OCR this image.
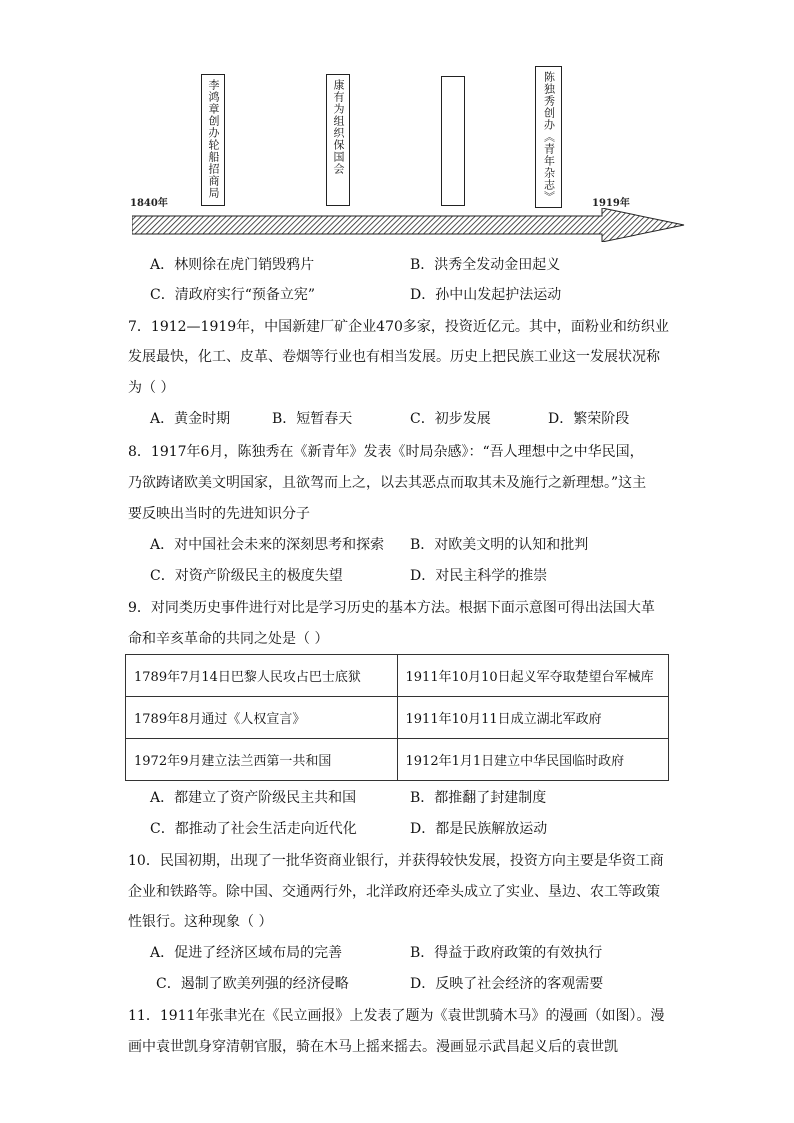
李鸿章创办轮船招商局	康有为组织保国会	陈独秀创办《青年杂志》
1840年	1919年
A．林则徐在虎门销毁鸦片	B．洪秀全发动金田起义
C．清政府实行“预备立宪”	D．孙中山发起护法运动
7．1912—1919年，中国新建厂矿企业470多家，投资近亿元。其中，面粉业和纺织业
发展最快，化工、皮革、卷烟等行业也有相当发展。历史上把民族工业这一发展状况称
为（ ）
A．黄金时期	B．短暂春天	C．初步发展	D．繁荣阶段
8．1917年6月，陈独秀在《新青年》发表《时局杂感》：“吾人理想中之中华民国，
乃欲踌诸欧美文明国家，且欲驾而上之，以去其恶点而取其未及施行之新理想。”这主
要反映出当时的先进知识分子
A．对中国社会未来的深刻思考和探索 B．对欧美文明的认知和批判
C．对资产阶级民主的极度失望	D．对民主科学的推崇
9．对同类历史事件进行对比是学习历史的基本方法。根据下面示意图可得出法国大革
命和辛亥革命的共同之处是（ ）
1789年7月14日巴黎人民攻占巴士底狱	1911年10月10日起义军夺取楚望台军械库
1789年8月通过《人权宣言》	1911年10月11日成立湖北军政府
1972年9月建立法兰西第一共和国	1912年1月1日建立中华民国临时政府
A．都建立了资产阶级民主共和国	B．都推翻了封建制度
C．都推动了社会生活走向近代化	D．都是民族解放运动
10．民国初期，出现了一批华资商业银行，并获得较快发展，投资方向主要是华资工商
企业和铁路等。除中国、交通两行外，北洋政府还牵头成立了实业、垦边、农工等政策
性银行。这种现象（ ）
A．促进了经济区域布局的完善	B．得益于政府政策的有效执行
C．遏制了欧美列强的经济侵略	D．反映了社会经济的客观需要
11．1911年张聿光在《民立画报》上发表了题为《袁世凯骑木马》的漫画（如图）。漫
画中袁世凯身穿清朝官服，骑在木马上摇来摇去。漫画显示武昌起义后的袁世凯
